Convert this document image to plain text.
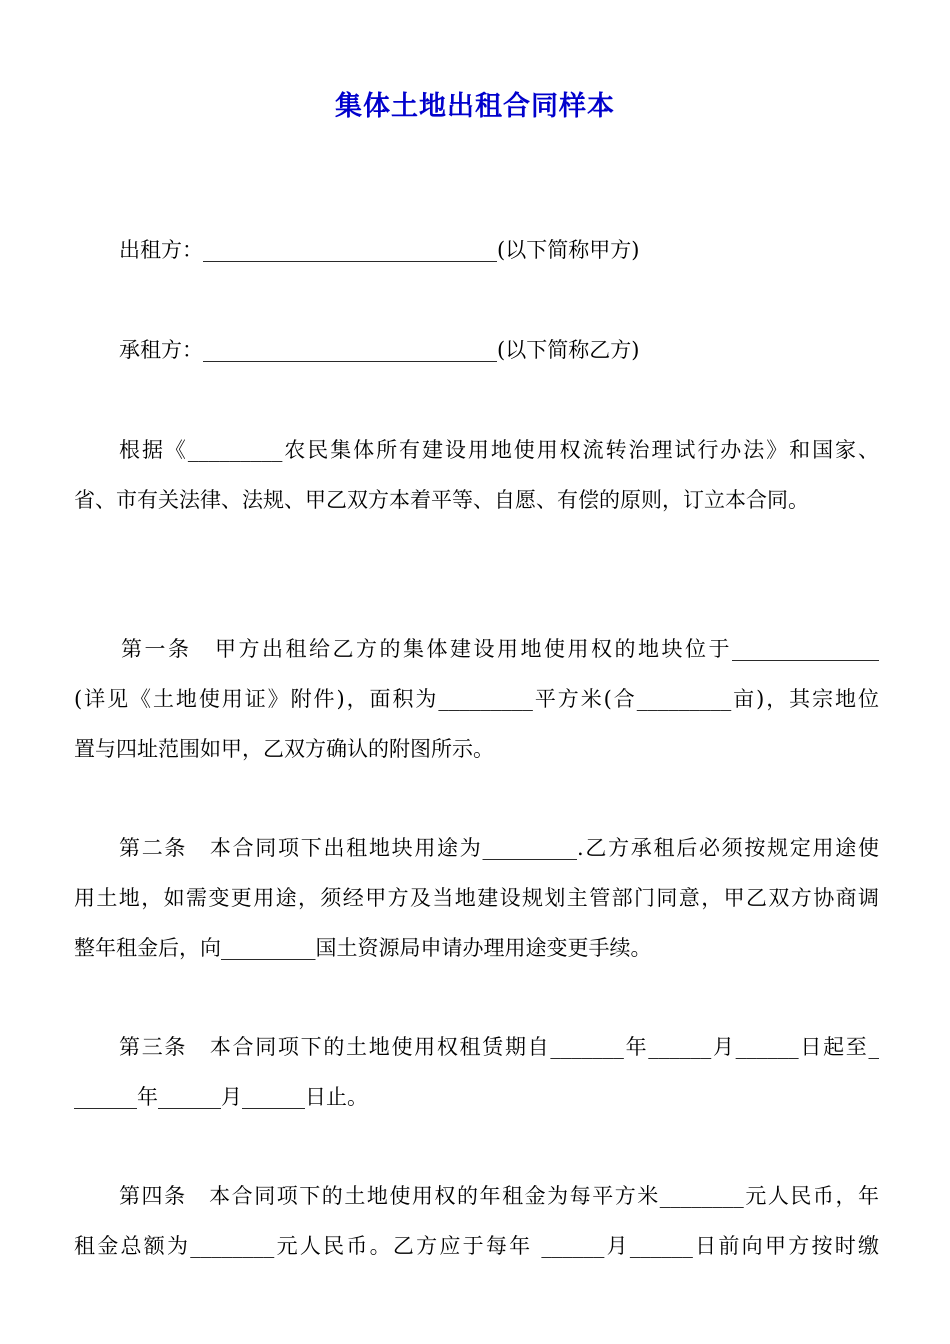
集体土地出租合同样本
出租方：____________________________(以下简称甲方)
承租方：____________________________(以下简称乙方)
根据《_________农民集体所有建设用地使用权流转治理试行办法》和国家、
省、市有关法律、法规、甲乙双方本着平等、自愿、有偿的原则，订立本合同。
第一条　甲方出租给乙方的集体建设用地使用权的地块位于______________
(详见《土地使用证》附件)，面积为_________平方米(合_________亩)，其宗地位
置与四址范围如甲，乙双方确认的附图所示。
第二条　本合同项下出租地块用途为_________.乙方承租后必须按规定用途使
用土地，如需变更用途，须经甲方及当地建设规划主管部门同意，甲乙双方协商调
整年租金后，向_________国土资源局申请办理用途变更手续。
第三条　本合同项下的土地使用权租赁期自_______年______月______日起至_
______年______月______日止。
第四条　本合同项下的土地使用权的年租金为每平方米________元人民币，年
租金总额为________元人民币。乙方应于每年 ______月______日前向甲方按时缴
